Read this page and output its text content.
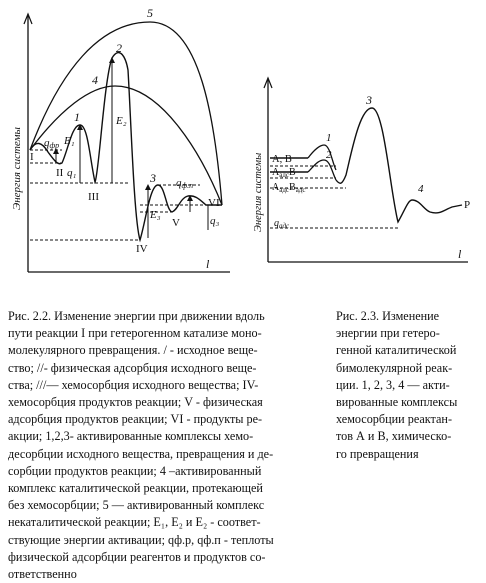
Энергия системы
l
5
2
4
1
3
I
II
III
IV
V
VI
E₁
E₂
E₃
qфр
q₁
qф.п
q₃	Энергия системы
l
1
2
3
4
A, B
$A_{адс}B$
$A_{адс}B_{адс}$
$q_{адс}$
P
Рис. 2.2. Изменение энергии при движении вдоль
пути реакции I при гетерогенном катализе моно-
молекулярного превращения. / - исходное веще-
ство; //- физическая адсорбция исходного веще-
ства; ///— хемосорбция исходного вещества; IV-
хемосорбция продуктов реакции; V - физическая
адсорбция продуктов реакции; VI - продукты ре-
акции; 1,2,3- активированные комплексы хемо-
десорбции исходного вещества, превращения и де-
сорбции продуктов реакции; 4 –активированный
комплекс каталитической реакции, протекающей
без хемосорбции; 5 — активированный комплекс
некаталитической реакции; E₁, E₂ и E₂ - соответ-
ствующие энергии активации; qф.р, qф.п - теплоты
физической адсорбции реагентов и продуктов со-
ответственно
Рис. 2.3. Изменение
энергии при гетеро-
генной каталитической
бимолекулярной реак-
ции. 1, 2, 3, 4 — акти-
вированные комплексы
хемосорбции реактан-
тов А и В, химическо-
го превращения
